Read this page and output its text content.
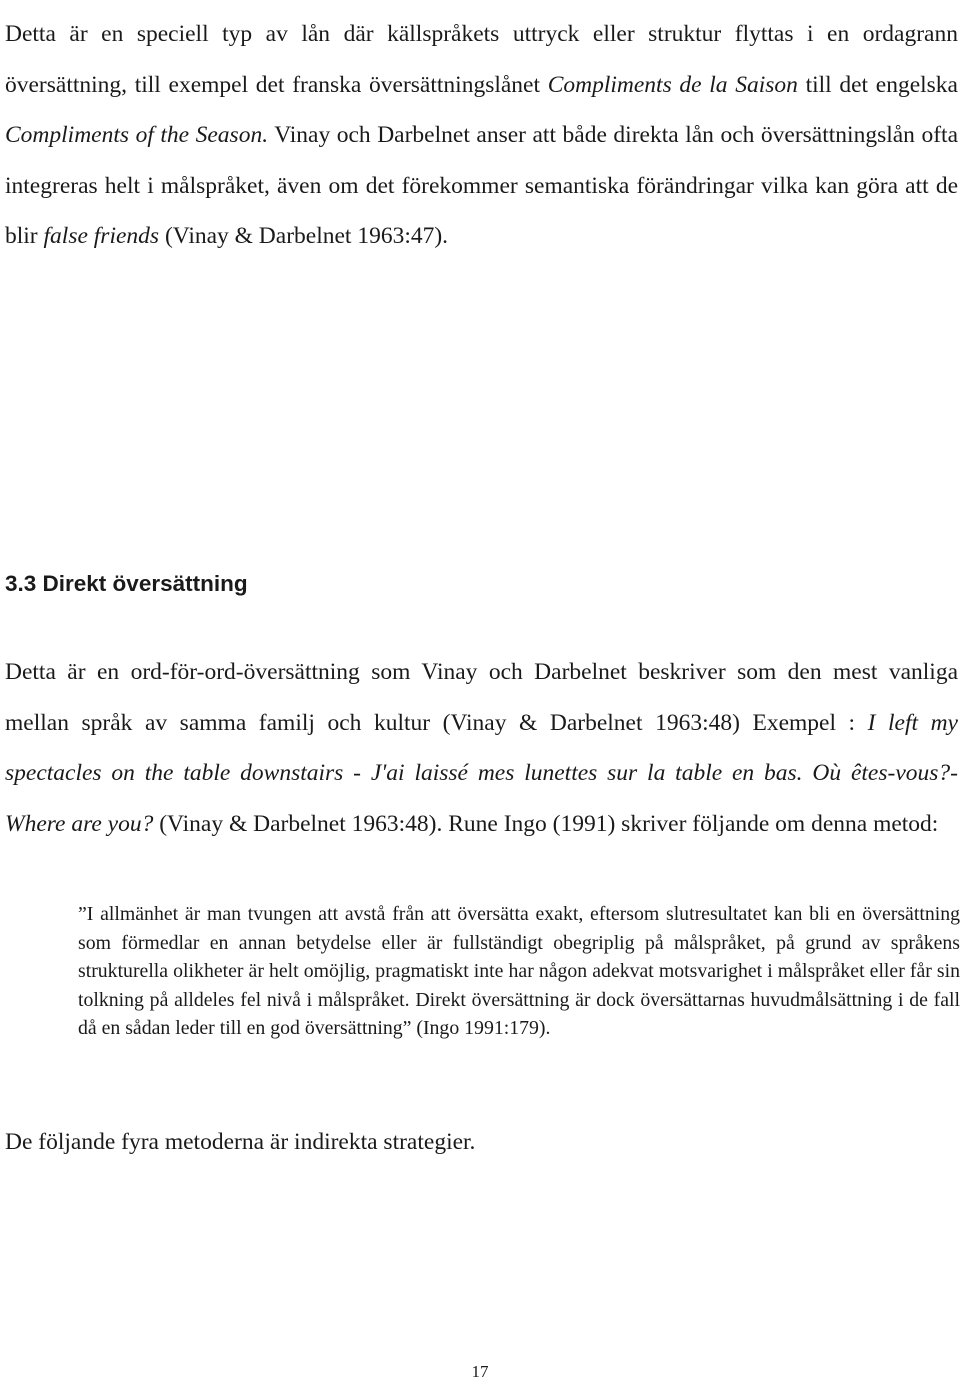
Detta är en speciell typ av lån där källspråkets uttryck eller struktur flyttas i en ordagrann översättning, till exempel det franska översättningslånet Compliments de la Saison till det engelska Compliments of the Season. Vinay och Darbelnet anser att både direkta lån och översättningslån ofta integreras helt i målspråket, även om det förekommer semantiska förändringar vilka kan göra att de blir false friends (Vinay & Darbelnet 1963:47).

3.3 Direkt översättning

Detta är en ord-för-ord-översättning som Vinay och Darbelnet beskriver som den mest vanliga mellan språk av samma familj och kultur (Vinay & Darbelnet 1963:48) Exempel : I left my spectacles on the table downstairs - J'ai laissé mes lunettes sur la table en bas. Où êtes-vous?- Where are you? (Vinay & Darbelnet 1963:48). Rune Ingo (1991) skriver följande om denna metod:

”I allmänhet är man tvungen att avstå från att översätta exakt, eftersom slutresultatet kan bli en översättning som förmedlar en annan betydelse eller är fullständigt obegriplig på målspråket, på grund av språkens strukturella olikheter är helt omöjlig, pragmatiskt inte har någon adekvat motsvarighet i målspråket eller får sin tolkning på alldeles fel nivå i målspråket. Direkt översättning är dock översättarnas huvudmålsättning i de fall då en sådan leder till en god översättning” (Ingo 1991:179).

De följande fyra metoderna är indirekta strategier.

17
